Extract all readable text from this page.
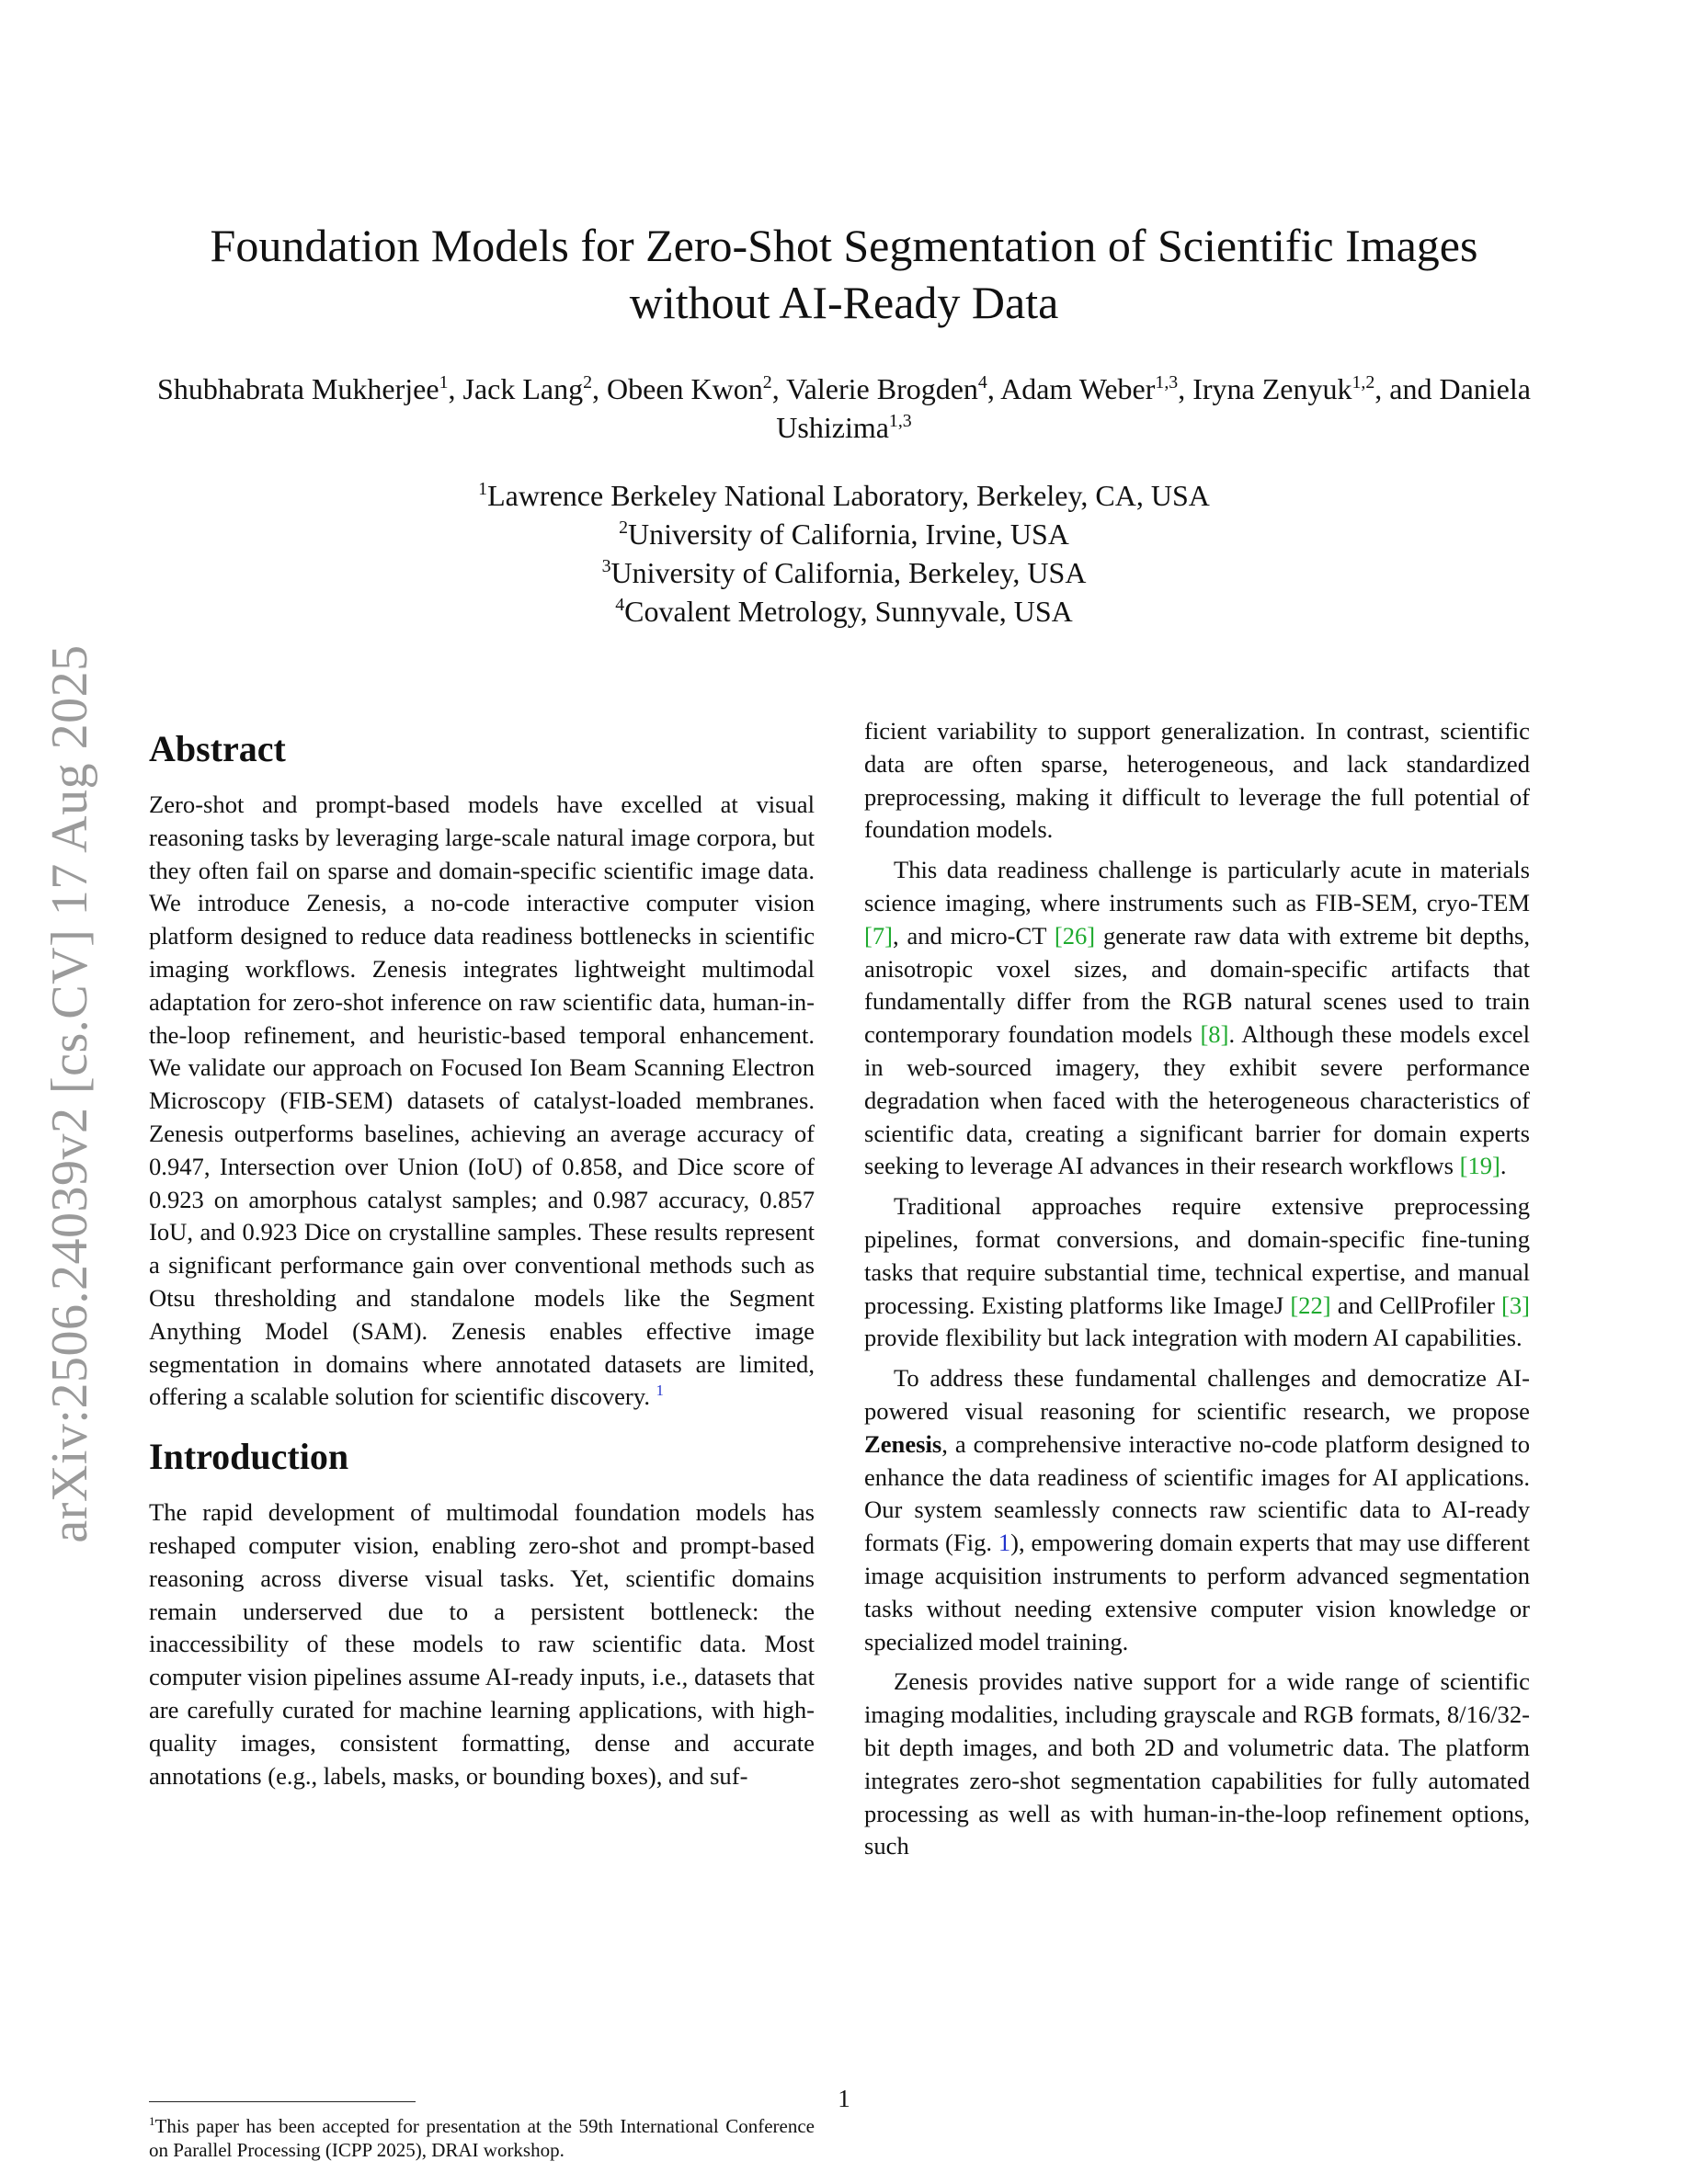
arXiv:2506.24039v2 [cs.CV] 17 Aug 2025
Foundation Models for Zero-Shot Segmentation of Scientific Images
without AI-Ready Data
Shubhabrata Mukherjee$^1$, Jack Lang$^2$, Obeen Kwon$^2$, Valerie Brogden$^4$, Adam Weber$^{1,3}$, Iryna Zenyuk$^{1,2}$, and Daniela Ushizima$^{1,3}$
$^1$Lawrence Berkeley National Laboratory, Berkeley, CA, USA
$^2$University of California, Irvine, USA
$^3$University of California, Berkeley, USA
$^4$Covalent Metrology, Sunnyvale, USA
Abstract

Zero-shot and prompt-based models have excelled at visual reasoning tasks by leveraging large-scale natural image corpora, but they often fail on sparse and domain-specific scientific image data. We introduce Zenesis, a no-code interactive computer vision platform designed to reduce data readiness bottlenecks in scientific imaging workflows. Zenesis integrates lightweight multimodal adaptation for zero-shot inference on raw scientific data, human-in-the-loop refinement, and heuristic-based temporal enhancement. We validate our approach on Focused Ion Beam Scanning Electron Microscopy (FIB-SEM) datasets of catalyst-loaded membranes. Zenesis outperforms baselines, achieving an average accuracy of 0.947, Intersection over Union (IoU) of 0.858, and Dice score of 0.923 on amorphous catalyst samples; and 0.987 accuracy, 0.857 IoU, and 0.923 Dice on crystalline samples. These results represent a significant performance gain over conventional methods such as Otsu thresholding and standalone models like the Segment Anything Model (SAM). Zenesis enables effective image segmentation in domains where annotated datasets are limited, offering a scalable solution for scientific discovery. $^1$

Introduction

The rapid development of multimodal foundation models has reshaped computer vision, enabling zero-shot and prompt-based reasoning across diverse visual tasks. Yet, scientific domains remain underserved due to a persistent bottleneck: the inaccessibility of these models to raw scientific data. Most computer vision pipelines assume AI-ready inputs, i.e., datasets that are carefully curated for machine learning applications, with high-quality images, consistent formatting, dense and accurate annotations (e.g., labels, masks, or bounding boxes), and suf-

ficient variability to support generalization. In contrast, scientific data are often sparse, heterogeneous, and lack standardized preprocessing, making it difficult to leverage the full potential of foundation models.

This data readiness challenge is particularly acute in materials science imaging, where instruments such as FIB-SEM, cryo-TEM [7], and micro-CT [26] generate raw data with extreme bit depths, anisotropic voxel sizes, and domain-specific artifacts that fundamentally differ from the RGB natural scenes used to train contemporary foundation models [8]. Although these models excel in web-sourced imagery, they exhibit severe performance degradation when faced with the heterogeneous characteristics of scientific data, creating a significant barrier for domain experts seeking to leverage AI advances in their research workflows [19].

Traditional approaches require extensive preprocessing pipelines, format conversions, and domain-specific fine-tuning tasks that require substantial time, technical expertise, and manual processing. Existing platforms like ImageJ [22] and CellProfiler [3] provide flexibility but lack integration with modern AI capabilities.

To address these fundamental challenges and democratize AI-powered visual reasoning for scientific research, we propose Zenesis, a comprehensive interactive no-code platform designed to enhance the data readiness of scientific images for AI applications. Our system seamlessly connects raw scientific data to AI-ready formats (Fig. 1), empowering domain experts that may use different image acquisition instruments to perform advanced segmentation tasks without needing extensive computer vision knowledge or specialized model training.

Zenesis provides native support for a wide range of scientific imaging modalities, including grayscale and RGB formats, 8/16/32-bit depth images, and both 2D and volumetric data. The platform integrates zero-shot segmentation capabilities for fully automated processing as well as with human-in-the-loop refinement options, such

$^1$This paper has been accepted for presentation at the 59th International Conference on Parallel Processing (ICPP 2025), DRAI workshop.
1
